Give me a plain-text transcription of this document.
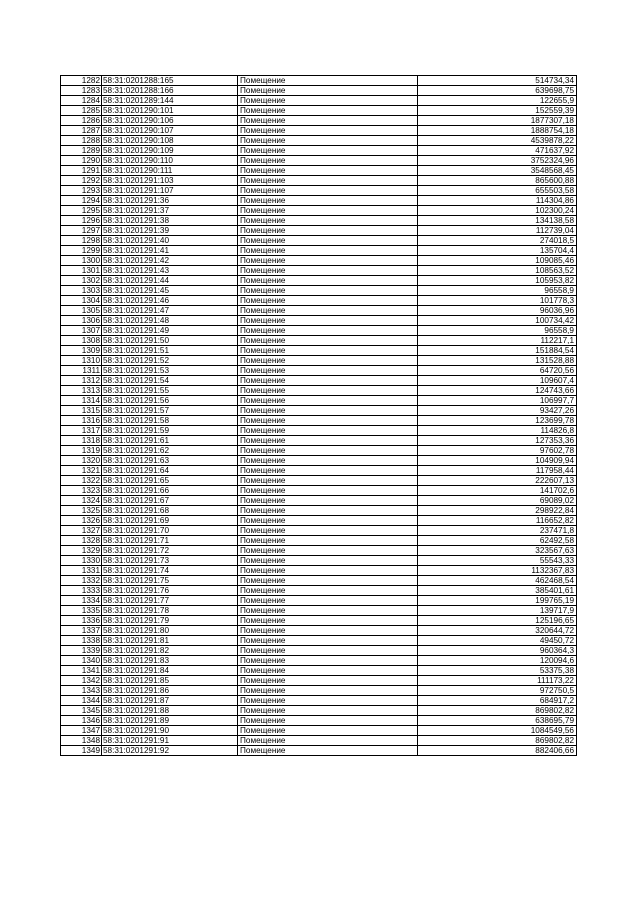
1282	58:31:0201288:165	Помещение	514734,34
1283	58:31:0201288:166	Помещение	639698,75
1284	58:31:0201289:144	Помещение	122655,9
1285	58:31:0201290:101	Помещение	152559,39
1286	58:31:0201290:106	Помещение	1877307,18
1287	58:31:0201290:107	Помещение	1888754,18
1288	58:31:0201290:108	Помещение	4539878,22
1289	58:31:0201290:109	Помещение	471637,92
1290	58:31:0201290:110	Помещение	3752324,96
1291	58:31:0201290:111	Помещение	3548568,45
1292	58:31:0201291:103	Помещение	865600,88
1293	58:31:0201291:107	Помещение	655503,58
1294	58:31:0201291:36	Помещение	114304,86
1295	58:31:0201291:37	Помещение	102300,24
1296	58:31:0201291:38	Помещение	134138,58
1297	58:31:0201291:39	Помещение	112739,04
1298	58:31:0201291:40	Помещение	274018,5
1299	58:31:0201291:41	Помещение	135704,4
1300	58:31:0201291:42	Помещение	109085,46
1301	58:31:0201291:43	Помещение	108563,52
1302	58:31:0201291:44	Помещение	105953,82
1303	58:31:0201291:45	Помещение	96558,9
1304	58:31:0201291:46	Помещение	101778,3
1305	58:31:0201291:47	Помещение	96036,96
1306	58:31:0201291:48	Помещение	100734,42
1307	58:31:0201291:49	Помещение	96558,9
1308	58:31:0201291:50	Помещение	112217,1
1309	58:31:0201291:51	Помещение	151884,54
1310	58:31:0201291:52	Помещение	131528,88
1311	58:31:0201291:53	Помещение	64720,56
1312	58:31:0201291:54	Помещение	109607,4
1313	58:31:0201291:55	Помещение	124743,66
1314	58:31:0201291:56	Помещение	106997,7
1315	58:31:0201291:57	Помещение	93427,26
1316	58:31:0201291:58	Помещение	123699,78
1317	58:31:0201291:59	Помещение	114826,8
1318	58:31:0201291:61	Помещение	127353,36
1319	58:31:0201291:62	Помещение	97602,78
1320	58:31:0201291:63	Помещение	104909,94
1321	58:31:0201291:64	Помещение	117958,44
1322	58:31:0201291:65	Помещение	222607,13
1323	58:31:0201291:66	Помещение	141702,6
1324	58:31:0201291:67	Помещение	69089,02
1325	58:31:0201291:68	Помещение	298922,84
1326	58:31:0201291:69	Помещение	116652,82
1327	58:31:0201291:70	Помещение	237471,8
1328	58:31:0201291:71	Помещение	62492,58
1329	58:31:0201291:72	Помещение	323567,63
1330	58:31:0201291:73	Помещение	55543,33
1331	58:31:0201291:74	Помещение	1132367,83
1332	58:31:0201291:75	Помещение	462468,54
1333	58:31:0201291:76	Помещение	385401,61
1334	58:31:0201291:77	Помещение	199765,19
1335	58:31:0201291:78	Помещение	139717,9
1336	58:31:0201291:79	Помещение	125196,65
1337	58:31:0201291:80	Помещение	320644,72
1338	58:31:0201291:81	Помещение	49450,72
1339	58:31:0201291:82	Помещение	960364,3
1340	58:31:0201291:83	Помещение	120094,6
1341	58:31:0201291:84	Помещение	53375,38
1342	58:31:0201291:85	Помещение	111173,22
1343	58:31:0201291:86	Помещение	972750,5
1344	58:31:0201291:87	Помещение	684917,2
1345	58:31:0201291:88	Помещение	869802,82
1346	58:31:0201291:89	Помещение	638695,79
1347	58:31:0201291:90	Помещение	1084549,56
1348	58:31:0201291:91	Помещение	869802,82
1349	58:31:0201291:92	Помещение	882406,66
